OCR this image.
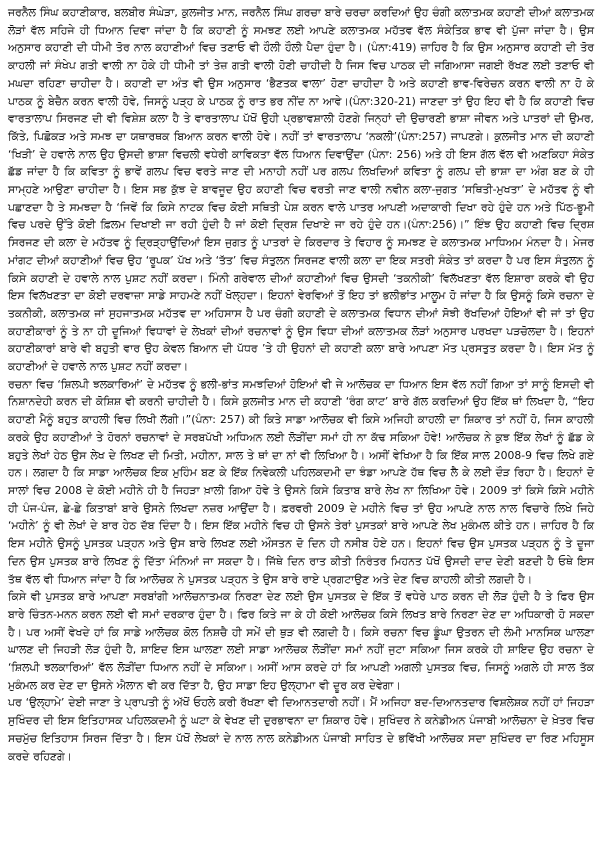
ਜਰਨੈਲ ਸਿੰਘ ਕਹਾਣੀਕਾਰ, ਬਲਬੀਰ ਸੰਘੇੜਾ, ਕੁਲਜੀਤ ਮਾਨ, ਜਰਨੈਲ ਸਿੰਘ ਗਰਚਾ ਬਾਰੇ ਚਰਚਾ ਕਰਦਿਆਂ ਉਹ ਚੰਗੀ ਕਲਾਤਮਕ ਕਹਾਣੀ ਦੀਆਂ ਕਲਾਤਮਕ ਲੋੜਾਂ ਵੱਲ ਸਹਿਜੇ ਹੀ ਧਿਆਨ ਦਿਵਾ ਜਾਂਦਾ ਹੈ ਕਿ ਕਹਾਣੀ ਨੂੰ ਸਮਝਣ ਲਈ ਆਪਣੇ ਕਲਾਤਮਕ ਮਹੱਤਵ ਵੱਲ ਸੰਕੇਤਿਕ ਭਾਵ ਵੀ ਪੁੱਜਾ ਜਾਂਦਾ ਹੈ। ਉਸ ਅਨੁਸਾਰ ਕਹਾਣੀ ਦੀ ਧੀਮੀ ਤੋਰ ਨਾਲ ਕਹਾਣੀਆਂ ਵਿਚ ਤਣਾਓ ਵੀ ਹੌਲੀ ਹੌਲੀ ਪੈਦਾ ਹੁੰਦਾ ਹੈ। (ਪੰਨਾ:419) ਜ਼ਾਹਿਰ ਹੈ ਕਿ ਉਸ ਅਨੁਸਾਰ ਕਹਾਣੀ ਦੀ ਤੋਰ ਕਾਹਲੀ ਜਾਂ ਸੰਖੇਪ ਗਤੀ ਵਾਲੀ ਨਾ ਹੋਕੇ ਹੀ ਧੀਮੀ ਤਾਂ ਤੇਜ਼ ਗਤੀ ਵਾਲੀ ਹੋਣੀ ਚਾਹੀਦੀ ਹੈ ਜਿਸ ਵਿਚ ਪਾਠਕ ਦੀ ਜਗਿਆਸਾ ਜਗਈ ਰੱਖਣ ਲਈ ਤਣਾਓ ਵੀ ਮਘਦਾ ਰਹਿਣਾ ਚਾਹੀਦਾ ਹੈ। ਕਹਾਣੀ ਦਾ ਅੰਤ ਵੀ ਉਸ ਅਨੁਸਾਰ ‘ਭੈਣਤਕ ਵਾਲਾ’ ਹੋਣਾ ਚਾਹੀਦਾ ਹੈ ਅਤੇ ਕਹਾਣੀ ਭਾਵ-ਵਿਰੇਚਨ ਕਰਨ ਵਾਲੀ ਨਾ ਹੋ ਕੇ ਪਾਠਕ ਨੂੰ ਬੇਚੈਨ ਕਰਨ ਵਾਲੀ ਹੋਵੇ, ਜਿਸਨੂੰ ਪੜ੍ਹ ਕੇ ਪਾਠਕ ਨੂੰ ਰਾਤ ਭਰ ਨੀਂਦ ਨਾ ਆਵੇ।(ਪੰਨਾ:320-21) ਜਾਣਦਾ ਤਾਂ ਉਹ ਇਹ ਵੀ ਹੈ ਕਿ ਕਹਾਣੀ ਵਿਚ ਵਾਰਤਾਲਾਪ ਸਿਰਜਣ ਦੀ ਵੀ ਵਿਸ਼ੇਸ਼ ਕਲਾ ਹੈ ਤੇ ਵਾਰਤਾਲਾਪ ਪੱਖੋਂ ਉਹੀ ਪ੍ਰਭਾਵਸ਼ਾਲੀ ਹੋਣਗੇ ਜਿਨ੍ਹਾਂ ਦੀ ਉਚਾਰਣੀ ਭਾਸ਼ਾ ਜੀਵਨ ਅਤੇ ਪਾਤਰਾਂ ਦੀ ਉਮਰ, ਕਿੱਤੇ, ਪਿਛੋਕੜ ਅਤੇ ਸਮਝ ਦਾ ਯਥਾਰਥਕ ਬਿਆਨ ਕਰਨ ਵਾਲੀ ਹੋਵੇ। ਨਹੀਂ ਤਾਂ ਵਾਰਤਾਲਾਪ ‘ਨਕਲੀ’(ਪੰਨਾ:257) ਜਾਪਣਗੇ। ਕੁਲਜੀਤ ਮਾਨ ਦੀ ਕਹਾਣੀ ‘ਖਿੜੀ’ ਦੇ ਹਵਾਲੇ ਨਾਲ ਉਹ ਉਸਦੀ ਭਾਸ਼ਾ ਵਿਚਲੀ ਵਧੇਰੀ ਕਾਵਿਕਤਾ ਵੱਲ ਧਿਆਨ ਦਿਵਾਉਂਦਾ (ਪੰਨਾ: 256) ਅਤੇ ਹੀ ਇਸ ਗੱਲ ਵੱਲ ਵੀ ਅਣਕਿਹਾ ਸੰਕੇਤ ਛੱਡ ਜਾਂਦਾ ਹੈ ਕਿ ਕਵਿਤਾ ਨੂੰ ਭਾਵੇਂ ਗਲਪ ਵਿਚ ਵਰਤੇ ਜਾਣ ਦੀ ਮਨਾਹੀ ਨਹੀਂ ਪਰ ਗਲਪ ਲਿਖਦਿਆਂ ਕਵਿਤਾ ਨੂੰ ਗਲਪ ਦੀ ਭਾਸ਼ਾ ਦਾ ਅੰਗ ਬਣ ਕੇ ਹੀ ਸਾਮ੍ਹਣੇ ਆਉਣਾ ਚਾਹੀਦਾ ਹੈ। ਇਸ ਸਭ ਕੁੱਝ ਦੇ ਬਾਵਜੂਦ ਉਹ ਕਹਾਣੀ ਵਿਚ ਵਰਤੀ ਜਾਣ ਵਾਲੀ ਨਵੀਨ ਕਲਾ-ਜੁਗਤ ‘ਸਥਿਤੀ-ਮੁਖਤਾ’ ਦੇ ਮਹੱਤਵ ਨੂੰ ਵੀ ਪਛਾਣਦਾ ਹੈ ਤੇ ਸਮਝਦਾ ਹੈ ‘ਜਿਵੇਂ ਕਿ ਕਿਸੇ ਨਾਟਕ ਵਿਚ ਕੋਈ ਸਥਿਤੀ ਪੇਸ਼ ਕਰਨ ਵਾਲੇ ਪਾਤਰ ਆਪਣੀ ਅਦਾਕਾਰੀ ਦਿਖਾ ਰਹੇ ਹੁੰਦੇ ਹਨ ਅਤੇ ਪਿੱਠ-ਭੂਮੀ ਵਿਚ ਪਰਦੇ ਉੱਤੇ ਕੋਈ ਫ਼ਿਲਮ ਦਿਖਾਈ ਜਾ ਰਹੀ ਹੁੰਦੀ ਹੈ ਜਾਂ ਕੋਈ ਦ੍ਰਿਸ਼ ਦਿਖਾਏ ਜਾ ਰਹੇ ਹੁੰਦੇ ਹਨ।(ਪੰਨਾ:256)।” ਇੰਝ ਉਹ ਕਹਾਣੀ ਵਿਚ ਦ੍ਰਿਸ਼ ਸਿਰਜਣ ਦੀ ਕਲਾ ਦੇ ਮਹੱਤਵ ਨੂੰ ਦ੍ਰਿੜ੍ਹਾਉਂਦਿਆਂ ਇਸ ਜੁਗਤ ਨੂੰ ਪਾਤਰਾਂ ਦੇ ਕਿਰਦਾਰ ਤੇ ਵਿਹਾਰ ਨੂੰ ਸਮਝਣ ਦੇ ਕਲਾਤਮਕ ਮਾਧਿਅਮ ਮੰਨਦਾ ਹੈ। ਮੇਜਰ ਮਾਂਗਟ ਦੀਆਂ ਕਹਾਣੀਆਂ ਵਿਚ ਉਹ ‘ਰੂਪਕ’ ਪੱਖ ਅਤੇ ‘ਤੱਤ’ ਵਿਚ ਸੰਤੁਲਨ ਸਿਰਜਣ ਵਾਲੀ ਕਲਾ ਦਾ ਇਕ ਸਤਰੀ ਸੰਕੇਤ ਤਾਂ ਕਰਦਾ ਹੈ ਪਰ ਇਸ ਸੰਤੁਲਨ ਨੂੰ ਕਿਸੇ ਕਹਾਣੀ ਦੇ ਹਵਾਲੇ ਨਾਲ ਪੁਸ਼ਟ ਨਹੀਂ ਕਰਦਾ। ਮਿੰਨੀ ਗਰੇਵਾਲ ਦੀਆਂ ਕਹਾਣੀਆਂ ਵਿਚ ਉਸਦੀ ‘ਤਕਨੀਕੀ’ ਵਿਲੱਖਣਤਾ ਵੱਲ ਇਸ਼ਾਰਾ ਕਰਕੇ ਵੀ ਉਹ ਇਸ ਵਿਲੱਖਣਤਾ ਦਾ ਕੋਈ ਦਰਵਾਜ਼ਾ ਸਾਡੇ ਸਾਹਮਣੇ ਨਹੀਂ ਖੋਲ੍ਹਦਾ। ਇਹਨਾਂ ਵੇਰਵਿਆਂ ਤੋਂ ਇਹ ਤਾਂ ਭਲੀਭਾਂਤ ਮਾਲੂਮ ਹੋ ਜਾਂਦਾ ਹੈ ਕਿ ਉਸਨੂੰ ਕਿਸੇ ਰਚਨਾ ਦੇ ਤਕਨੀਕੀ, ਕਲਾਤਮਕ ਜਾਂ ਸੁਹਜਾਤਮਕ ਮਹੱਤਵ ਦਾ ਅਹਿਸਾਸ ਹੈ ਪਰ ਚੰਗੀ ਕਹਾਣੀ ਦੇ ਕਲਾਤਮਕ ਵਿਧਾਨ ਦੀਆਂ ਸੋਝੀ ਰੱਖਦਿਆਂ ਹੋਇਆਂ ਵੀ ਜਾਂ ਤਾਂ ਉਹ ਕਹਾਣੀਕਾਰਾਂ ਨੂੰ ਤੇ ਨਾ ਹੀ ਦੂਜਿਆਂ ਵਿਧਾਵਾਂ ਦੇ ਲੇਖਕਾਂ ਦੀਆਂ ਰਚਨਾਵਾਂ ਨੂੰ ਉਸ ਵਿਧਾ ਦੀਆਂ ਕਲਾਤਮਕ ਲੋੜਾਂ ਅਨੁਸਾਰ ਪਰਖਦਾ ਪੜਚੋਲਦਾ ਹੈ। ਇਹਨਾਂ ਕਹਾਣੀਕਾਰਾਂ ਬਾਰੇ ਵੀ ਬਹੁਤੀ ਵਾਰ ਉਹ ਕੇਵਲ ਬਿਆਨ ਦੀ ਪੱਧਰ ’ਤੇ ਹੀ ਉਹਨਾਂ ਦੀ ਕਹਾਣੀ ਕਲਾ ਬਾਰੇ ਆਪਣਾ ਮੱਤ ਪ੍ਰਸਤੁਤ ਕਰਦਾ ਹੈ। ਇਸ ਮੱਤ ਨੂੰ ਕਹਾਣੀਆਂ ਦੇ ਹਵਾਲੇ ਨਾਲ ਪੁਸ਼ਟ ਨਹੀਂ ਕਰਦਾ।

ਰਚਨਾ ਵਿਚ ‘ਸ਼ਿਲਪੀ ਝਲਕਾਰਿਆਂ’ ਦੇ ਮਹੱਤਵ ਨੂੰ ਭਲੀ-ਭਾਂਤ ਸਮਝਦਿਆਂ ਹੋਇਆਂ ਵੀ ਜੇ ਆਲੋਚਕ ਦਾ ਧਿਆਨ ਇਸ ਵੱਲ ਨਹੀਂ ਗਿਆ ਤਾਂ ਸਾਨੂੰ ਇਸਦੀ ਵੀ ਨਿਸ਼ਾਨਦੇਹੀ ਕਰਨ ਦੀ ਕੋਸ਼ਿਸ਼ ਵੀ ਕਰਨੀ ਚਾਹੀਦੀ ਹੈ। ਕਿਸੇ ਕੁਲਜੀਤ ਮਾਨ ਦੀ ਕਹਾਣੀ ‘ਰੰਗ ਕਾਟ’ ਬਾਰੇ ਗੱਲ ਕਰਦਿਆਂ ਉਹ ਇੱਕ ਥਾਂ ਲਿਖਦਾ ਹੈ, “ਇਹ ਕਹਾਣੀ ਮੈਨੂੰ ਬਹੁਤ ਕਾਹਲੀ ਵਿਚ ਲਿਖੀ ਲੱਗੀ।”(ਪੰਨਾ: 257) ਕੀ ਕਿਤੇ ਸਾਡਾ ਆਲੋਚਕ ਵੀ ਕਿਸੇ ਅਜਿਹੀ ਕਾਹਲੀ ਦਾ ਸ਼ਿਕਾਰ ਤਾਂ ਨਹੀਂ ਹੋ, ਜਿਸ ਕਾਹਲੀ ਕਰਕੇ ਉਹ ਕਹਾਣੀਆਂ ਤੇ ਹੋਰਨਾਂ ਰਚਨਾਵਾਂ ਦੇ ਸਰਬਪੱਖੀ ਅਧਿਅਨ ਲਈ ਲੋੜੀਂਦਾ ਸਮਾਂ ਹੀ ਨਾ ਕੱਢ ਸਕਿਆ ਹੋਵੇ! ਆਲੋਚਕ ਨੇ ਕੁਝ ਇੱਕ ਲੇਖਾਂ ਨੂੰ ਛੱਡ ਕੇ ਬਹੁਤੇ ਲੇਖਾਂ ਹੇਠ ਉਸ ਲੇਖ ਦੇ ਲਿਖਣ ਦੀ ਮਿਤੀ, ਮਹੀਨਾ, ਸਾਲ ਤੇ ਥਾਂ ਦਾ ਨਾਂ ਵੀ ਲਿਖਿਆ ਹੈ। ਅਸੀਂ ਵੇਖਿਆ ਹੈ ਕਿ ਇੱਕ ਸਾਲ 2008-9 ਵਿਚ ਲਿਖੇ ਗਏ ਹਨ। ਲਗਦਾ ਹੈ ਕਿ ਸਾਡਾ ਆਲੋਚਕ ਇਕ ਮੁਹਿੰਮ ਬਣ ਕੇ ਇੱਕ ਨਿਵੇਕਲੀ ਪਹਿਲਕਦਮੀ ਦਾ ਝੰਡਾ ਆਪਣੇ ਹੱਥ ਵਿਚ ਲੈ ਕੇ ਲਈ ਦੌੜ ਰਿਹਾ ਹੈ। ਇਹਨਾਂ ਦੋ ਸਾਲਾਂ ਵਿਚ 2008 ਦੇ ਕੋਈ ਮਹੀਨੇ ਹੀ ਹੈ ਜਿਹੜਾ ਖ਼ਾਲੀ ਗਿਆ ਹੋਵੇ ਤੇ ਉਸਨੇ ਕਿਸੇ ਕਿਤਾਬ ਬਾਰੇ ਲੇਖ ਨਾ ਲਿਖਿਆ ਹੋਵੇ। 2009 ਤਾਂ ਕਿਸੇ ਕਿਸੇ ਮਹੀਨੇ ਹੀ ਪੰਜ-ਪੰਜ, ਛੇ-ਛੇ ਕਿਤਾਬਾਂ ਬਾਰੇ ਉਸਨੇ ਲਿਖਦਾ ਨਜ਼ਰ ਆਉਂਦਾ ਹੈ। ਫ਼ਰਵਰੀ 2009 ਦੇ ਮਹੀਨੇ ਵਿਚ ਤਾਂ ਉਹ ਆਪਣੇ ਨਾਲ ਨਾਲ ਵਿਚਾਰੇ ਲਿਖੇ ਜਿਹੇ ‘ਮਹੀਨੇ’ ਨੂੰ ਵੀ ਲੇਖਾਂ ਦੇ ਬਾਰ ਹੇਠ ਦੱਬ ਦਿੰਦਾ ਹੈ। ਇਸ ਇੱਕ ਮਹੀਨੇ ਵਿਚ ਹੀ ਉਸਨੇ ਤੇਰਾਂ ਪੁਸਤਕਾਂ ਬਾਰੇ ਆਪਣੇ ਲੇਖ ਮੁਕੰਮਲ ਕੀਤੇ ਹਨ। ਜ਼ਾਹਿਰ ਹੈ ਕਿ ਇਸ ਮਹੀਨੇ ਉਸਨੂੰ ਪੁਸਤਕ ਪੜ੍ਹਨ ਅਤੇ ਉਸ ਬਾਰੇ ਲਿਖਣ ਲਈ ਔਸਤਨ ਦੋ ਦਿਨ ਹੀ ਨਸੀਬ ਹੋਏ ਹਨ। ਇਹਨਾਂ ਵਿਚ ਉਸ ਪੁਸਤਕ ਪੜ੍ਹਨ ਨੂੰ ਤੇ ਦੂਜਾ ਦਿਨ ਉਸ ਪੁਸਤਕ ਬਾਰੇ ਲਿਖਣ ਨੂੰ ਦਿੱਤਾ ਮੰਨਿਆਂ ਜਾ ਸਕਦਾ ਹੈ। ਜਿੱਥੇ ਦਿਨ ਰਾਤ ਕੀਤੀ ਨਿਰੰਤਰ ਮਿਹਨਤ ਪੱਖੋਂ ਉਸਦੀ ਦਾਦ ਦੇਣੀ ਬਣਦੀ ਹੈ ਓਥੇ ਇਸ ਤੱਥ ਵੱਲ ਵੀ ਧਿਆਨ ਜਾਂਦਾ ਹੈ ਕਿ ਆਲੋਚਕ ਨੇ ਪੁਸਤਕ ਪੜ੍ਹਨ ਤੇ ਉਸ ਬਾਰੇ ਰਾਏ ਪ੍ਰਗਟਾਉਣ ਅਤੇ ਦੇਣ ਵਿਚ ਕਾਹਲੀ ਕੀਤੀ ਲਗਦੀ ਹੈ।

ਕਿਸੇ ਵੀ ਪੁਸਤਕ ਬਾਰੇ ਆਪਣਾ ਸਰਬਾਂਗੀ ਆਲੋਚਨਾਤਮਕ ਨਿਰਣਾ ਦੇਣ ਲਈ ਉਸ ਪੁਸਤਕ ਦੇ ਇੱਕ ਤੋਂ ਵਧੇਰੇ ਪਾਠ ਕਰਨ ਦੀ ਲੋੜ ਹੁੰਦੀ ਹੈ ਤੇ ਫਿਰ ਉਸ ਬਾਰੇ ਚਿੰਤਨ-ਮਨਨ ਕਰਨ ਲਈ ਵੀ ਸਮਾਂ ਦਰਕਾਰ ਹੁੰਦਾ ਹੈ। ਫਿਰ ਕਿਤੇ ਜਾ ਕੇ ਹੀ ਕੋਈ ਆਲੋਚਕ ਕਿਸੇ ਲਿਖਤ ਬਾਰੇ ਨਿਰਣਾ ਦੇਣ ਦਾ ਅਧਿਕਾਰੀ ਹੋ ਸਕਦਾ ਹੈ। ਪਰ ਅਸੀਂ ਵੇਖਦੇ ਹਾਂ ਕਿ ਸਾਡੇ ਆਲੋਚਕ ਕੋਲ ਨਿਸ਼ਚੈ ਹੀ ਸਮੇਂ ਦੀ ਥੁੜ ਵੀ ਲਗਦੀ ਹੈ। ਕਿਸੇ ਰਚਨਾ ਵਿਚ ਡੂੰਘਾ ਉਤਰਨ ਦੀ ਲੰਮੀ ਮਾਨਸਿਕ ਘਾਲਣਾ ਘਾਲਣ ਦੀ ਜਿਹੜੀ ਲੋੜ ਹੁੰਦੀ ਹੈ, ਸ਼ਾਇਦ ਇਸ ਘਾਲਣਾ ਲਈ ਸਾਡਾ ਆਲੋਚਕ ਲੋੜੀਂਦਾ ਸਮਾਂ ਨਹੀਂ ਜੁਟਾ ਸਕਿਆ ਜਿਸ ਕਰਕੇ ਹੀ ਸ਼ਾਇਦ ਉਹ ਰਚਨਾ ਦੇ ‘ਸ਼ਿਲਪੀ ਝਲਕਾਰਿਆਂ’ ਵੱਲ ਲੋੜੀਂਦਾ ਧਿਆਨ ਨਹੀਂ ਦੇ ਸਕਿਆ। ਅਸੀਂ ਆਸ ਕਰਦੇ ਹਾਂ ਕਿ ਆਪਣੀ ਅਗਲੀ ਪੁਸਤਕ ਵਿਚ, ਜਿਸਨੂੰ ਅਗਲੇ ਹੀ ਸਾਲ ਤੱਕ ਮੁਕੰਮਲ ਕਰ ਦੇਣ ਦਾ ਉਸਨੇ ਐਲਾਨ ਵੀ ਕਰ ਦਿੱਤਾ ਹੈ, ਉਹ ਸਾਡਾ ਇਹ ਉਲ੍ਹਾਮਾ ਵੀ ਦੂਰ ਕਰ ਦੇਵੇਗਾ।

ਪਰ ‘ਉਲ੍ਹਾਮੇ’ ਦੇਈ ਜਾਣਾ ਤੇ ਪ੍ਰਾਪਤੀ ਨੂੰ ਅੱਖੋਂ ਓਹਲੇ ਕਰੀ ਰੱਖਣਾ ਵੀ ਦਿਆਨਤਦਾਰੀ ਨਹੀਂ। ਮੈਂ ਅਜਿਹਾ ਬਦ-ਦਿਆਨਤਦਾਰ ਵਿਸ਼ਲੇਸ਼ਕ ਨਹੀਂ ਹਾਂ ਜਿਹੜਾ ਸੁਖਿੰਦਰ ਦੀ ਇਸ ਇਤਿਹਾਸਕ ਪਹਿਲਕਦਮੀ ਨੂੰ ਘਟਾ ਕੇ ਵੇਖਣ ਦੀ ਦੁਰਭਾਵਨਾ ਦਾ ਸ਼ਿਕਾਰ ਹੋਵੇ। ਸੁਖਿੰਦਰ ਨੇ ਕਨੇਡੀਅਨ ਪੰਜਾਬੀ ਆਲੋਚਨਾ ਦੇ ਖ਼ੇਤਰ ਵਿਚ ਸਚਮੁੱਚ ਇਤਿਹਾਸ ਸਿਰਜ ਦਿੱਤਾ ਹੈ। ਇਸ ਪੱਖੋਂ ਲੇਖਕਾਂ ਦੇ ਨਾਲ ਨਾਲ ਕਨੇਡੀਅਨ ਪੰਜਾਬੀ ਸਾਹਿਤ ਦੇ ਭਵਿੱਖੀ ਆਲੋਚਕ ਸਦਾ ਸੁਖਿੰਦਰ ਦਾ ਰਿਣ ਮਹਿਸੂਸ ਕਰਦੇ ਰਹਿਣਗੇ।
